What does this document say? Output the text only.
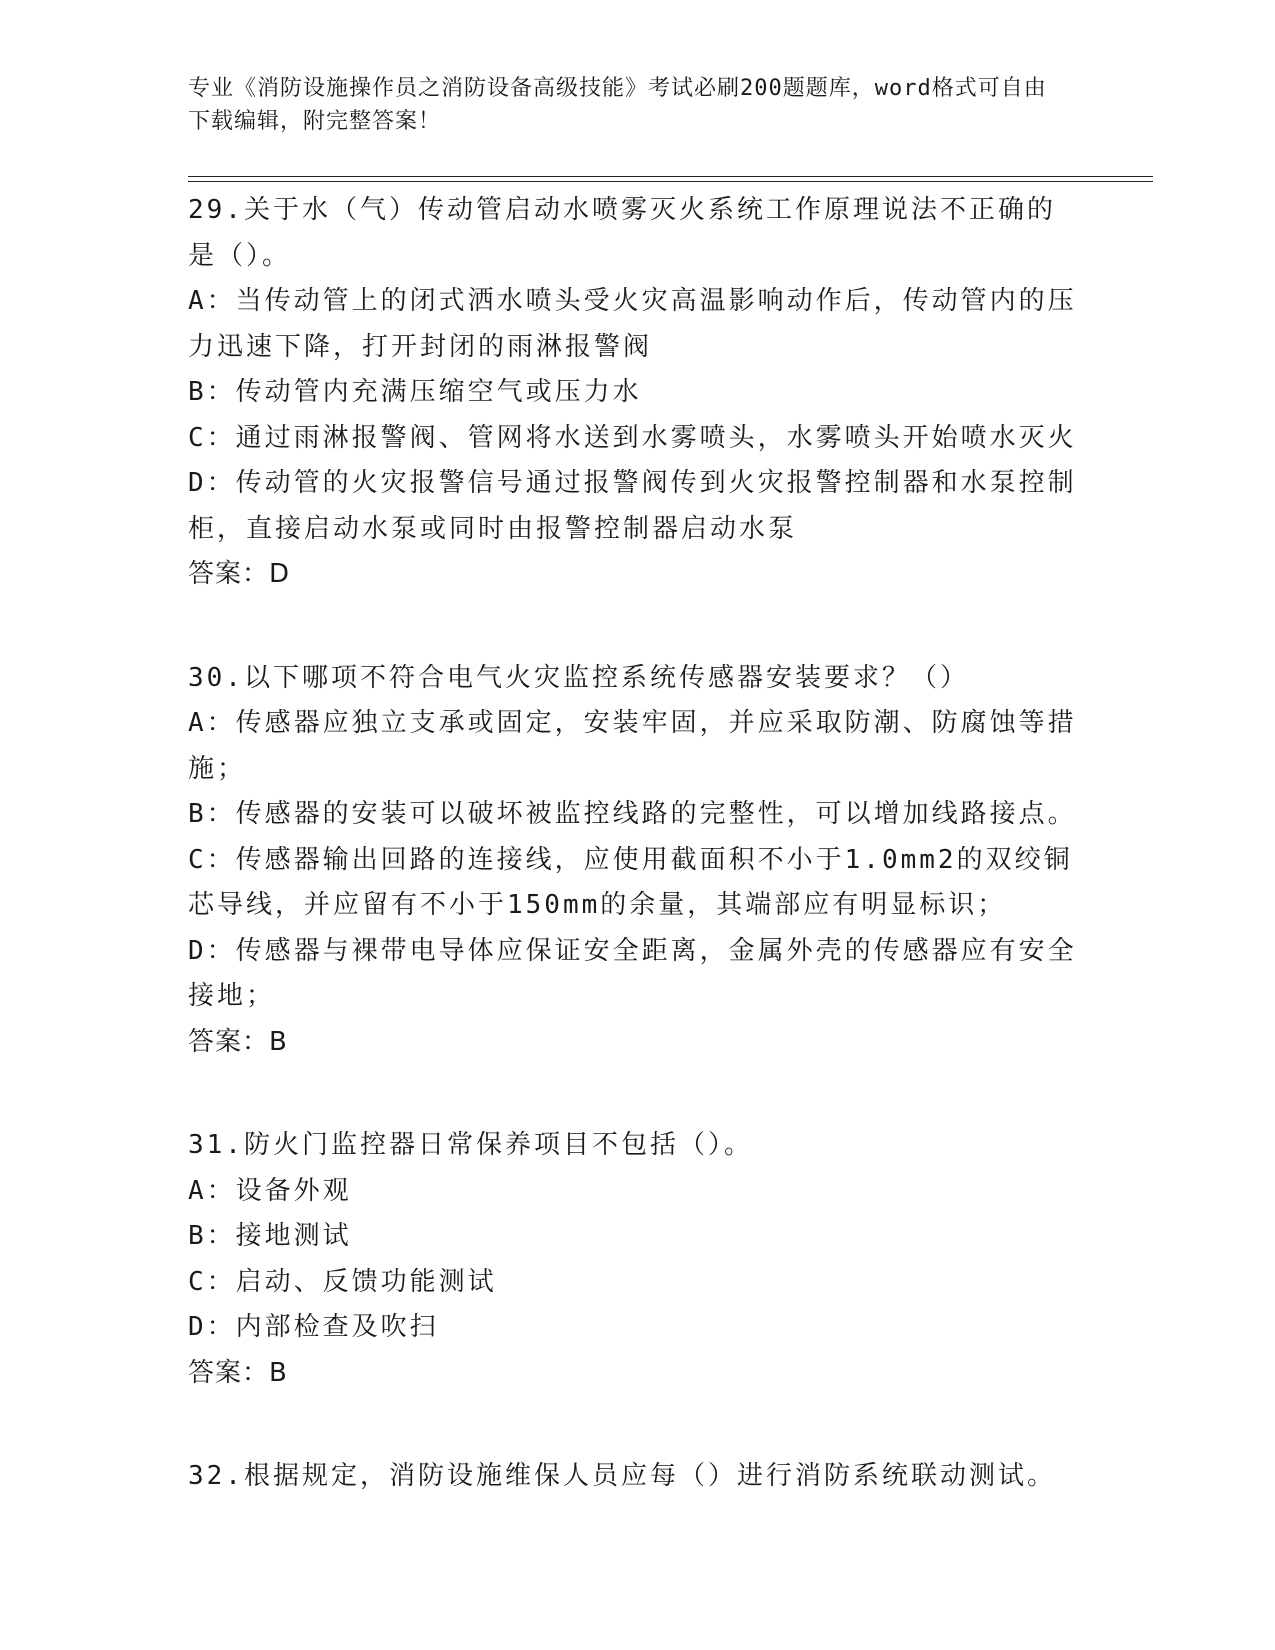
专业《消防设施操作员之消防设备高级技能》考试必刷200题题库，word格式可自由下载编辑，附完整答案！
29.关于水（气）传动管启动水喷雾灭火系统工作原理说法不正确的是（）。
A：当传动管上的闭式洒水喷头受火灾高温影响动作后，传动管内的压力迅速下降，打开封闭的雨淋报警阀
B：传动管内充满压缩空气或压力水
C：通过雨淋报警阀、管网将水送到水雾喷头，水雾喷头开始喷水灭火
D：传动管的火灾报警信号通过报警阀传到火灾报警控制器和水泵控制柜，直接启动水泵或同时由报警控制器启动水泵
答案：D
30.以下哪项不符合电气火灾监控系统传感器安装要求？（）
A：传感器应独立支承或固定，安装牢固，并应采取防潮、防腐蚀等措施；
B：传感器的安装可以破坏被监控线路的完整性，可以增加线路接点。
C：传感器输出回路的连接线，应使用截面积不小于1.0mm2的双绞铜芯导线，并应留有不小于150mm的余量，其端部应有明显标识；
D：传感器与裸带电导体应保证安全距离，金属外壳的传感器应有安全接地；
答案：B
31.防火门监控器日常保养项目不包括（）。
A：设备外观
B：接地测试
C：启动、反馈功能测试
D：内部检查及吹扫
答案：B
32.根据规定，消防设施维保人员应每（）进行消防系统联动测试。
